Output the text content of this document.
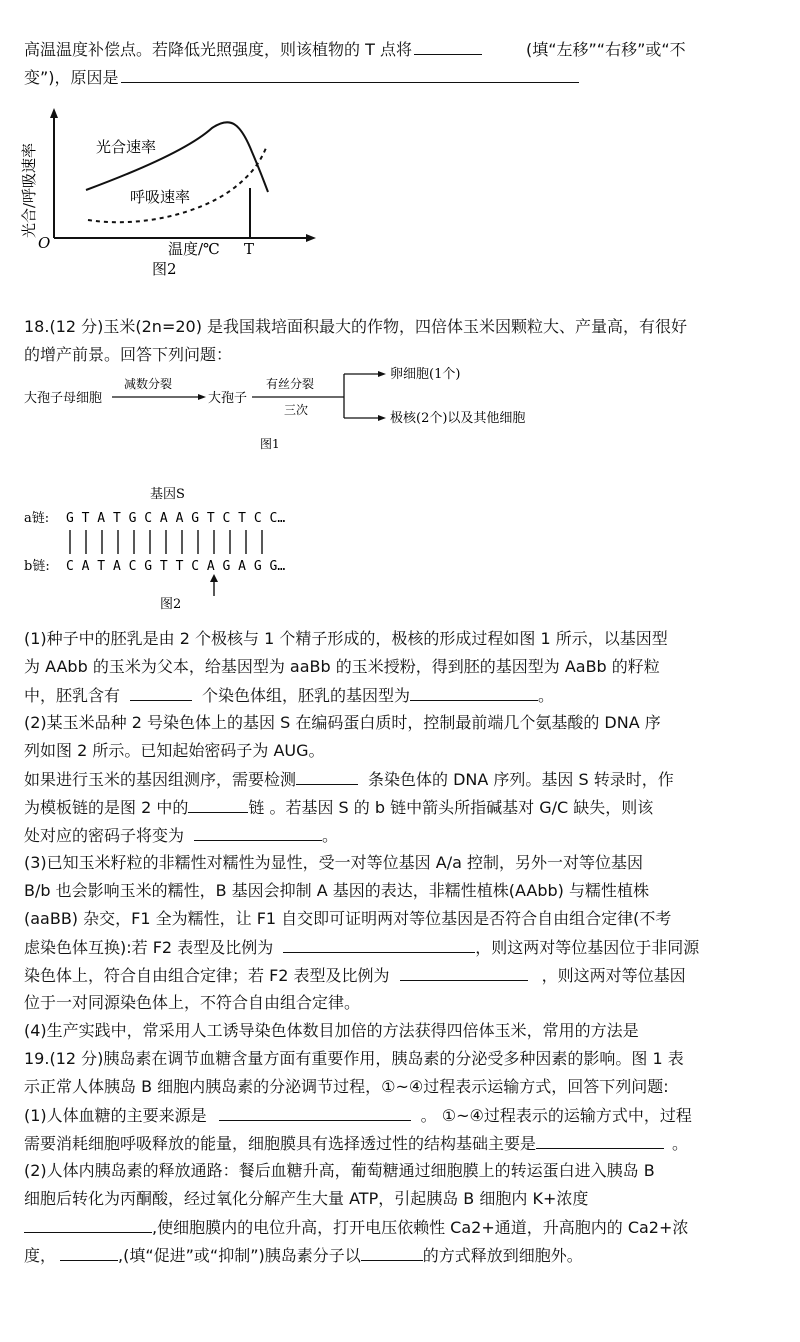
高温温度补偿点。若降低光照强度，则该植物的 T 点将	(填“左移”“右移”或“不
变”)，原因是
光合/呼吸速率	光合速率
呼吸速率
O	温度/℃ T
图2
18.(12 分)玉米(2n=20) 是我国栽培面积最大的作物，四倍体玉米因颗粒大、产量高，有很好
的增产前景。回答下列问题：
大孢子母细胞
减数分裂
大孢子
有丝分裂
三次
卵细胞(1个)
极核(2个)以及其他细胞
图1
基因S
a链: G T A T G C A A G T C T C C…
b链: C A T A C G T T C A G A G G…
图2
(1)种子中的胚乳是由 2 个极核与 1 个精子形成的，极核的形成过程如图 1 所示，以基因型
为 AAbb 的玉米为父本，给基因型为 aaBb 的玉米授粉，得到胚的基因型为 AaBb 的籽粒
中，胚乳含有	个染色体组，胚乳的基因型为	。
(2)某玉米品种 2 号染色体上的基因 S 在编码蛋白质时，控制最前端几个氨基酸的 DNA 序
列如图 2 所示。已知起始密码子为 AUG。
如果进行玉米的基因组测序，需要检测	条染色体的 DNA 序列。基因 S 转录时，作
为模板链的是图 2 中的	链 。若基因 S 的 b 链中箭头所指碱基对 G/C 缺失，则该
处对应的密码子将变为	。
(3)已知玉米籽粒的非糯性对糯性为显性，受一对等位基因 A/a 控制，另外一对等位基因
B/b 也会影响玉米的糯性，B 基因会抑制 A 基因的表达，非糯性植株(AAbb) 与糯性植株
(aaBB) 杂交，F1 全为糯性，让 F1 自交即可证明两对等位基因是否符合自由组合定律(不考
虑染色体互换):若 F2 表型及比例为	，则这两对等位基因位于非同源
染色体上，符合自由组合定律；若 F2 表型及比例为	，则这两对等位基因
位于一对同源染色体上，不符合自由组合定律。
(4)生产实践中，常采用人工诱导染色体数目加倍的方法获得四倍体玉米，常用的方法是
19.(12 分)胰岛素在调节血糖含量方面有重要作用，胰岛素的分泌受多种因素的影响。图 1 表
示正常人体胰岛 B 细胞内胰岛素的分泌调节过程，①~④过程表示运输方式，回答下列问题:
(1)人体血糖的主要来源是	。 ①~④过程表示的运输方式中，过程
需要消耗细胞呼吸释放的能量，细胞膜具有选择透过性的结构基础主要是	。
(2)人体内胰岛素的释放通路：餐后血糖升高，葡萄糖通过细胞膜上的转运蛋白进入胰岛 B
细胞后转化为丙酮酸，经过氧化分解产生大量 ATP，引起胰岛 B 细胞内 K+浓度
,使细胞膜内的电位升高，打开电压依赖性 Ca2+通道，升高胞内的 Ca2+浓
度，	,(填“促进”或“抑制”)胰岛素分子以	的方式释放到细胞外。
